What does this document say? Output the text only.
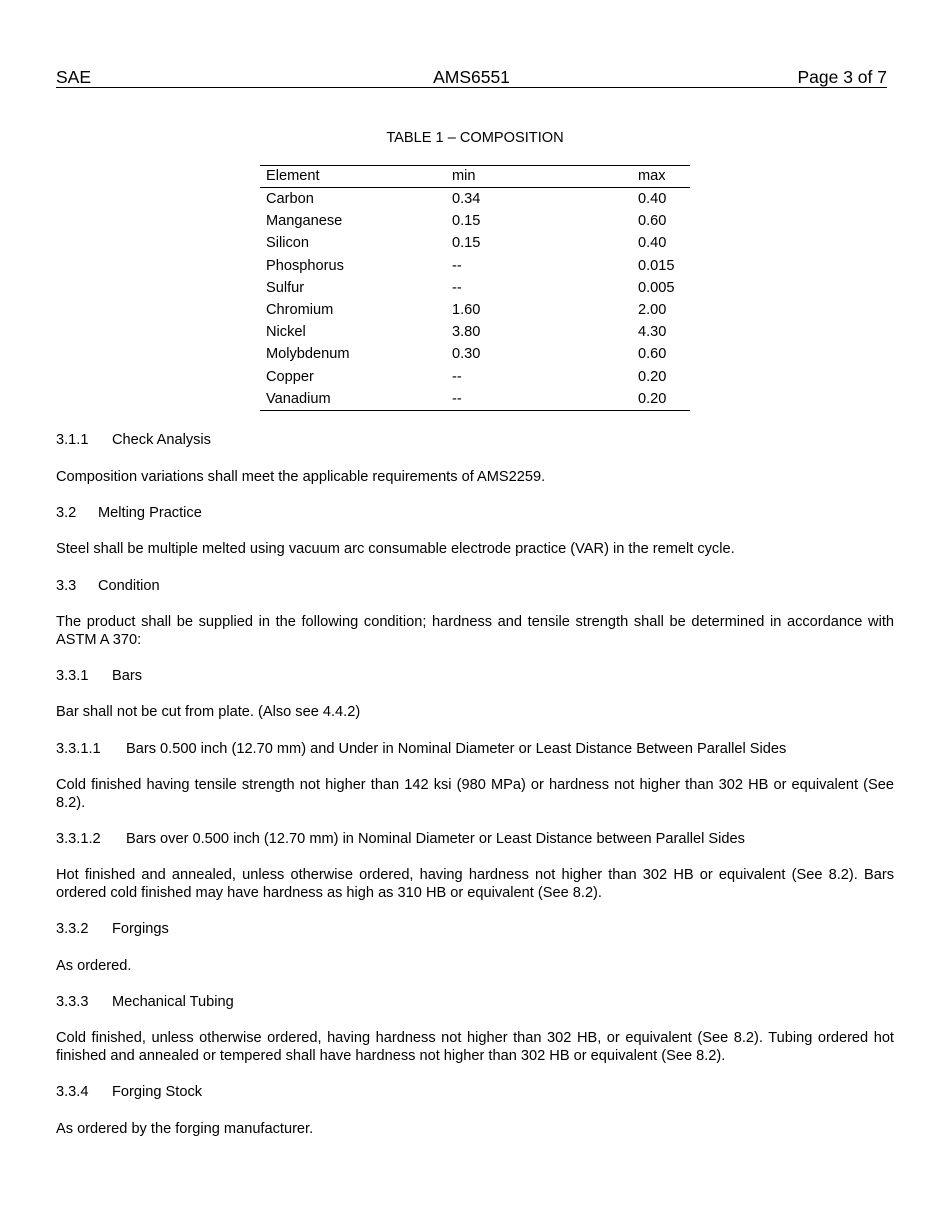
SAE	AMS6551	Page 3 of 7
TABLE 1 – COMPOSITION
Element	min	max
Carbon	0.34	0.40
Manganese	0.15	0.60
Silicon	0.15	0.40
Phosphorus	--	0.015
Sulfur	--	0.005
Chromium	1.60	2.00
Nickel	3.80	4.30
Molybdenum	0.30	0.60
Copper	--	0.20
Vanadium	--	0.20
3.1.1 Check Analysis
Composition variations shall meet the applicable requirements of AMS2259.
3.2 Melting Practice
Steel shall be multiple melted using vacuum arc consumable electrode practice (VAR) in the remelt cycle.
3.3 Condition
The product shall be supplied in the following condition; hardness and tensile strength shall be determined in accordance with ASTM A 370:
3.3.1 Bars
Bar shall not be cut from plate. (Also see 4.4.2)
3.3.1.1 Bars 0.500 inch (12.70 mm) and Under in Nominal Diameter or Least Distance Between Parallel Sides
Cold finished having tensile strength not higher than 142 ksi (980 MPa) or hardness not higher than 302 HB or equivalent (See 8.2).
3.3.1.2 Bars over 0.500 inch (12.70 mm) in Nominal Diameter or Least Distance between Parallel Sides
Hot finished and annealed, unless otherwise ordered, having hardness not higher than 302 HB or equivalent (See 8.2). Bars ordered cold finished may have hardness as high as 310 HB or equivalent (See 8.2).
3.3.2 Forgings
As ordered.
3.3.3 Mechanical Tubing
Cold finished, unless otherwise ordered, having hardness not higher than 302 HB, or equivalent (See 8.2). Tubing ordered hot finished and annealed or tempered shall have hardness not higher than 302 HB or equivalent (See 8.2).
3.3.4 Forging Stock
As ordered by the forging manufacturer.
